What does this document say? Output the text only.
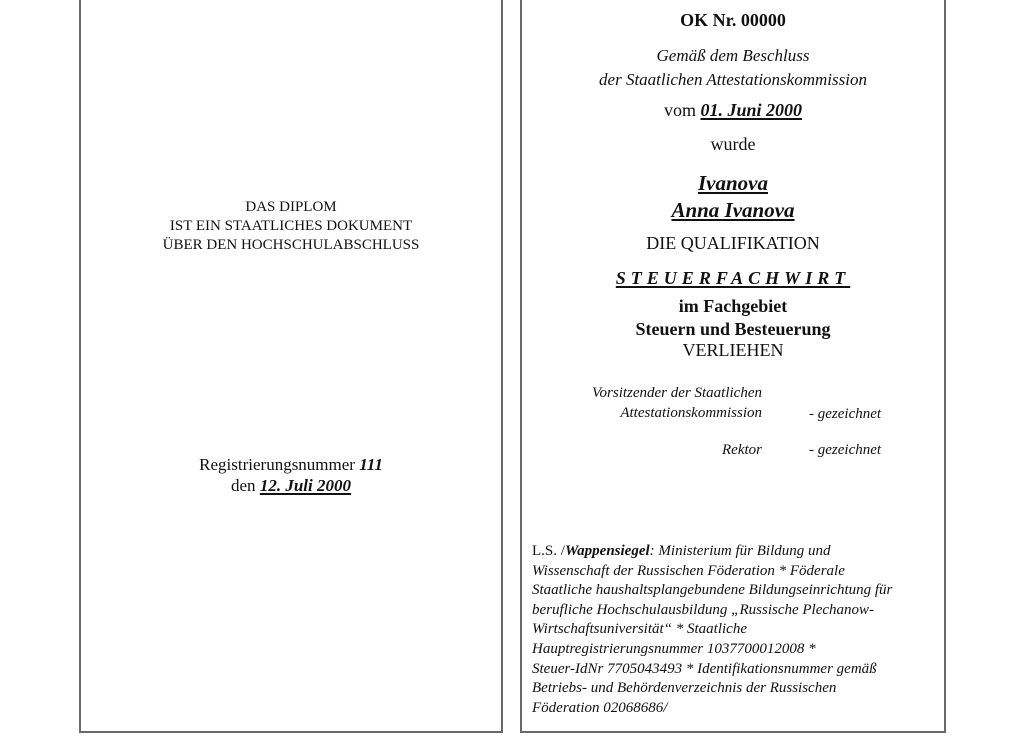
DAS DIPLOM
IST EIN STAATLICHES DOKUMENT
ÜBER DEN HOCHSCHULABSCHLUSS
Registrierungsnummer 111
den 12. Juli 2000
OK Nr. 00000
Gemäß dem Beschluss
der Staatlichen Attestationskommission
vom 01. Juni 2000
wurde
Ivanova
Anna Ivanova
DIE QUALIFIKATION
STEUERFACHWIRT
im Fachgebiet
Steuern und Besteuerung
VERLIEHEN
Vorsitzender der Staatlichen
Attestationskommission	- gezeichnet
Rektor	- gezeichnet
L.S. /Wappensiegel: Ministerium für Bildung und
Wissenschaft der Russischen Föderation * Föderale
Staatliche haushaltsplangebundene Bildungseinrichtung für
berufliche Hochschulausbildung „Russische Plechanow-
Wirtschaftsuniversität“ * Staatliche
Hauptregistrierungsnummer 1037700012008 *
Steuer-IdNr 7705043493 * Identifikationsnummer gemäß
Betriebs- und Behördenverzeichnis der Russischen
Föderation 02068686/
